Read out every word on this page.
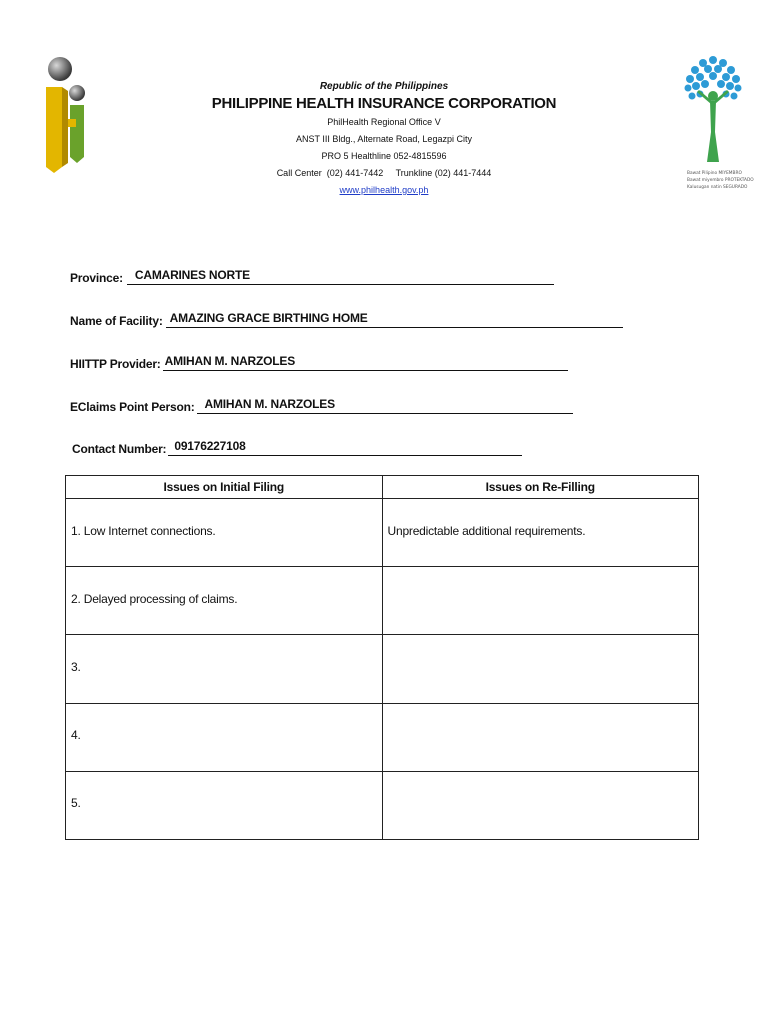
Republic of the Philippines
PHILIPPINE HEALTH INSURANCE CORPORATION
PhilHealth Regional Office V
ANST III Bldg., Alternate Road, Legazpi City
PRO 5 Healthline 052-4815596
Call Center  (02) 441-7442     Trunkline (02) 441-7444
www.philhealth.gov.ph
Bawat Pilipino MIYEMBRO
Bawat miyembro PROTEKTADO
Kalusugan natin SEGURADO
Province:	CAMARINES NORTE
Name of Facility: AMAZING GRACE BIRTHING HOME
HIITTP Provider: AMIHAN M. NARZOLES
EClaims Point Person: AMIHAN M. NARZOLES
Contact Number: 09176227108
Issues on Initial Filing	Issues on Re-Filling
1. Low Internet connections.	Unpredictable additional requirements.
2. Delayed processing of claims.	
3.	
4.	
5.	
